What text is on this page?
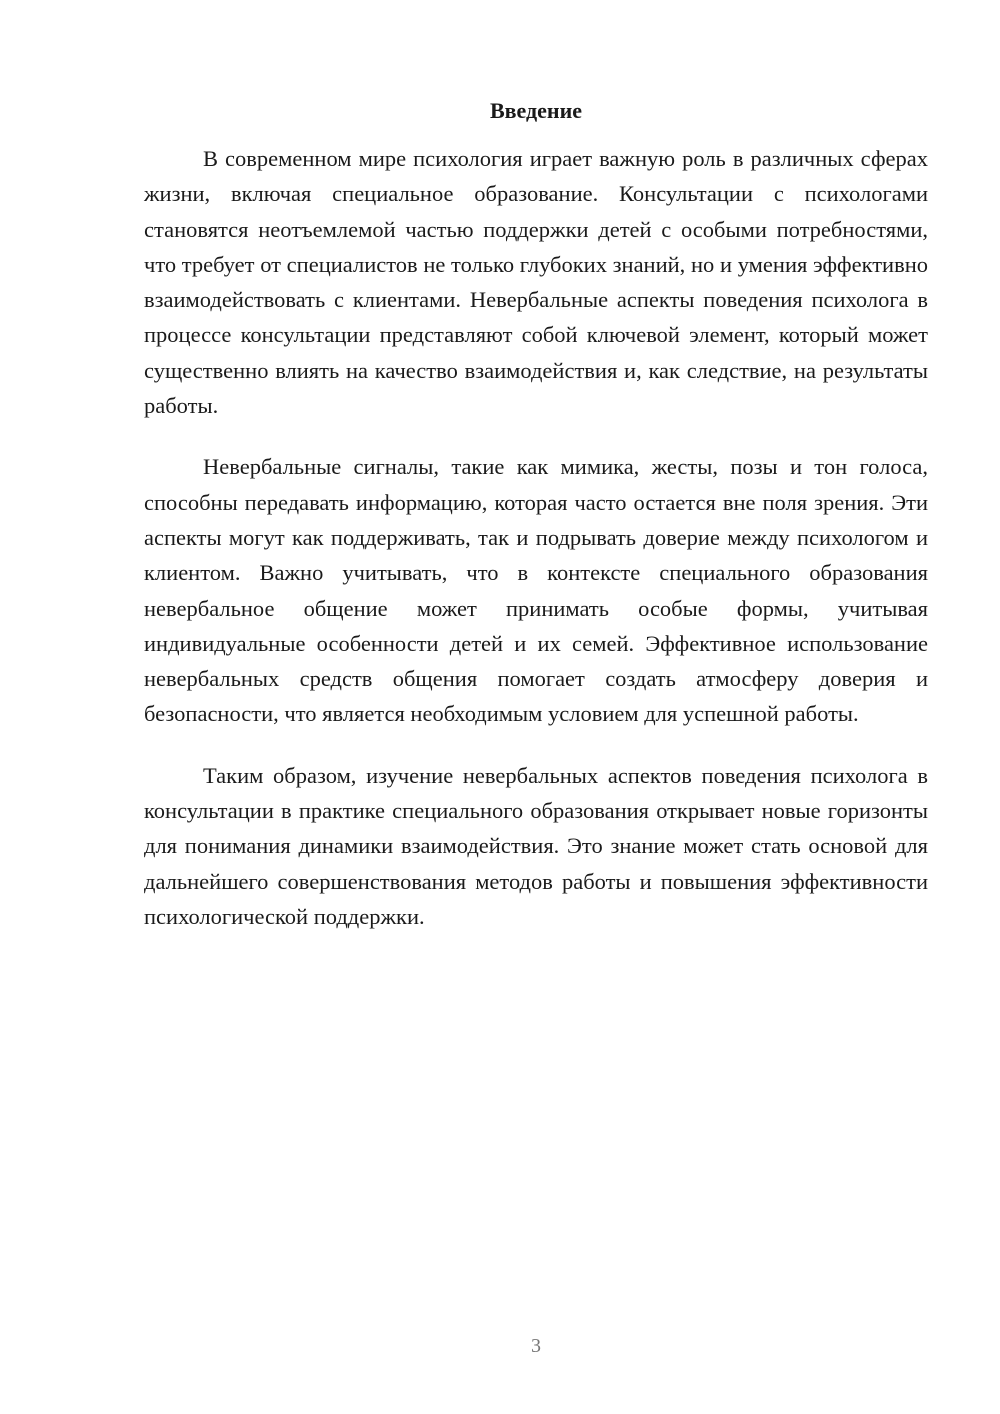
Введение

В современном мире психология играет важную роль в различных сферах жизни, включая специальное образование. Консультации с психологами становятся неотъемлемой частью поддержки детей с особыми потребностями, что требует от специалистов не только глубоких знаний, но и умения эффективно взаимодействовать с клиентами. Невербальные аспекты поведения психолога в процессе консультации представляют собой ключевой элемент, который может существенно влиять на качество взаимодействия и, как следствие, на результаты работы.

Невербальные сигналы, такие как мимика, жесты, позы и тон голоса, способны передавать информацию, которая часто остается вне поля зрения. Эти аспекты могут как поддерживать, так и подрывать доверие между психологом и клиентом. Важно учитывать, что в контексте специального образования невербальное общение может принимать особые формы, учитывая индивидуальные особенности детей и их семей. Эффективное использование невербальных средств общения помогает создать атмосферу доверия и безопасности, что является необходимым условием для успешной работы.

Таким образом, изучение невербальных аспектов поведения психолога в консультации в практике специального образования открывает новые горизонты для понимания динамики взаимодействия. Это знание может стать основой для дальнейшего совершенствования методов работы и повышения эффективности психологической поддержки.

3
